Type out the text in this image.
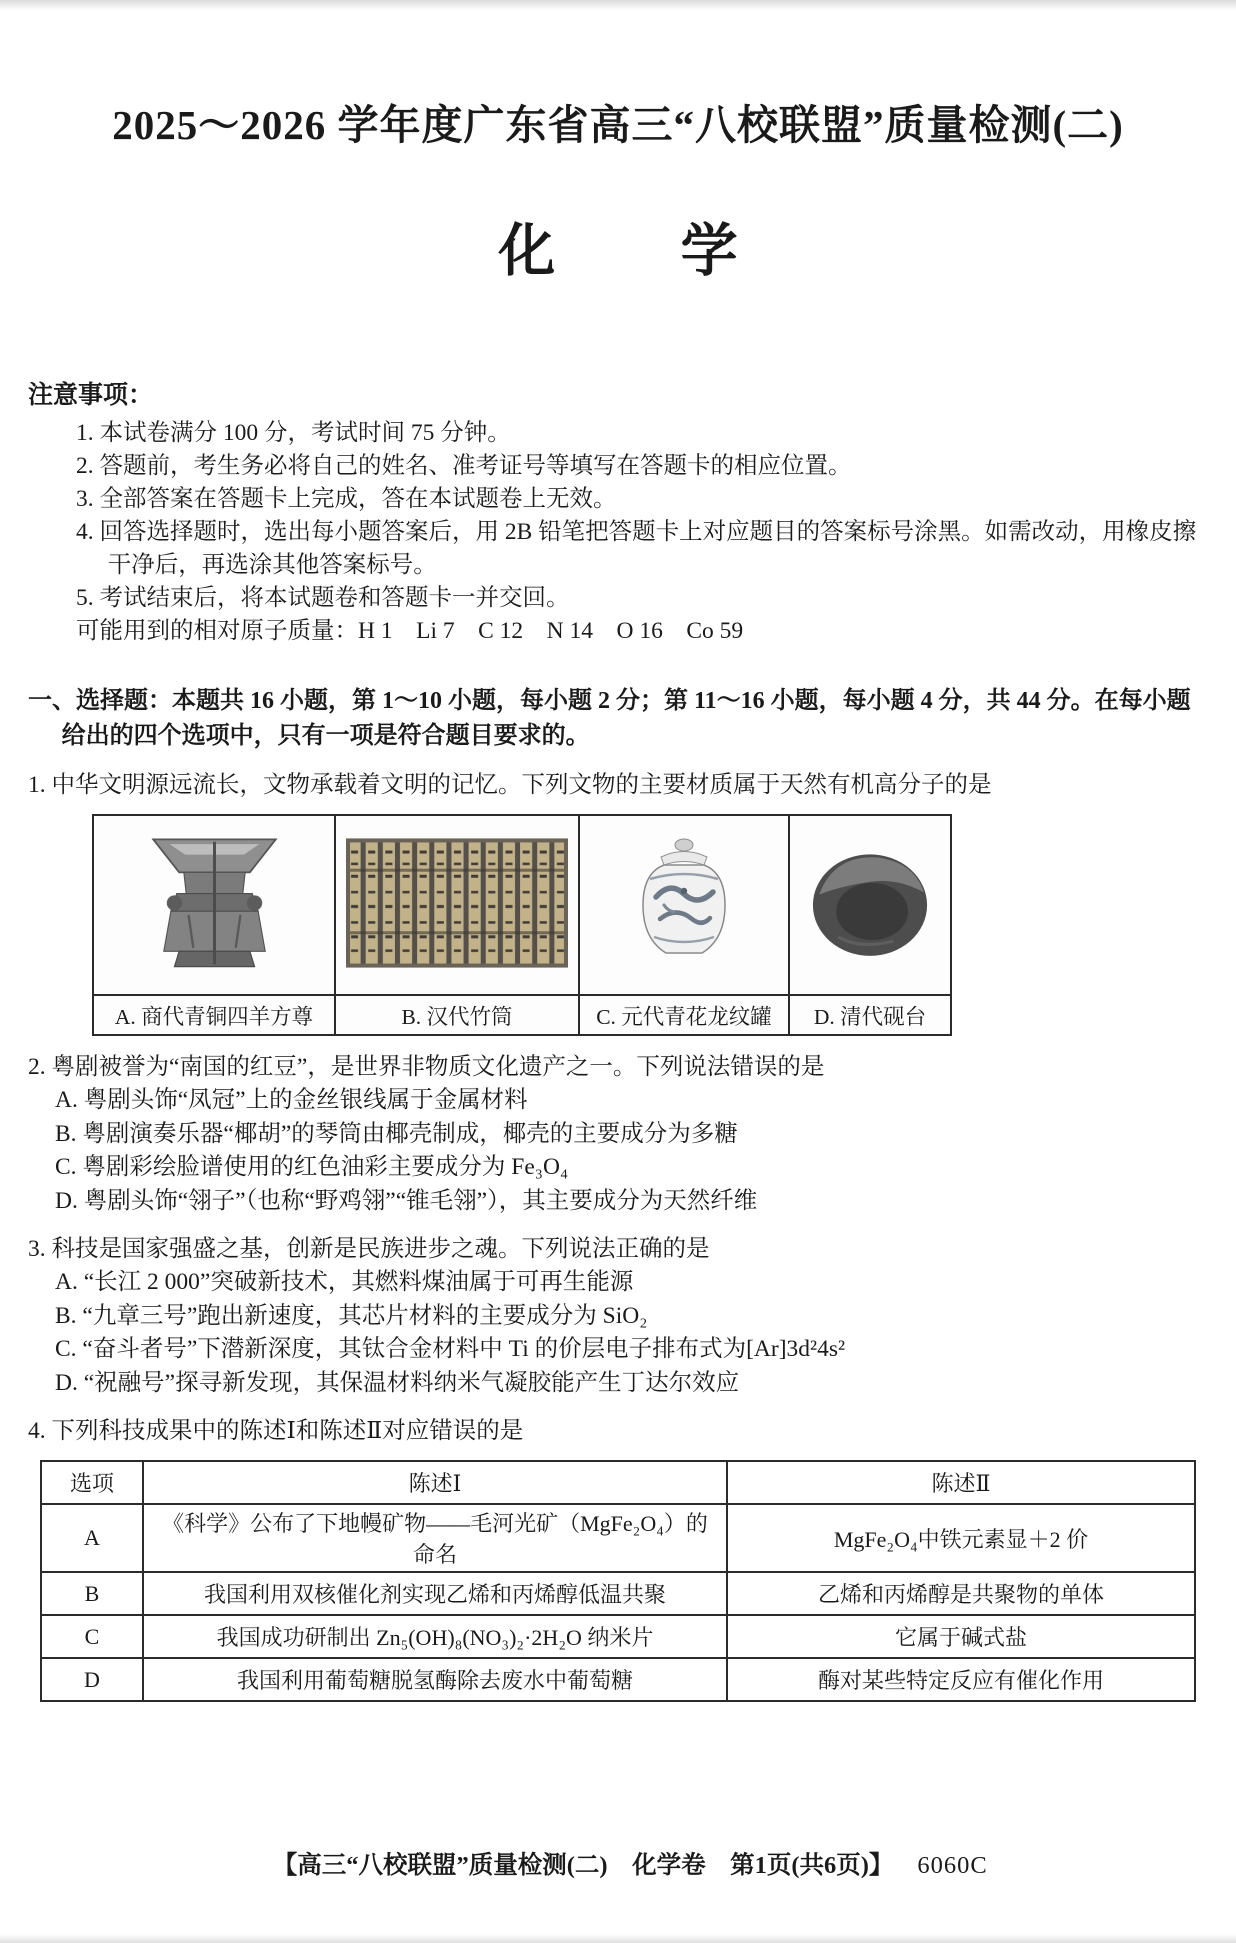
2025～2026 学年度广东省高三“八校联盟”质量检测(二)
化学
注意事项：
1. 本试卷满分 100 分，考试时间 75 分钟。
2. 答题前，考生务必将自己的姓名、准考证号等填写在答题卡的相应位置。
3. 全部答案在答题卡上完成，答在本试题卷上无效。
4. 回答选择题时，选出每小题答案后，用 2B 铅笔把答题卡上对应题目的答案标号涂黑。如需改动，用橡皮擦干净后，再选涂其他答案标号。
5. 考试结束后，将本试题卷和答题卡一并交回。
可能用到的相对原子质量：H 1　Li 7　C 12　N 14　O 16　Co 59
一、选择题：本题共 16 小题，第 1～10 小题，每小题 2 分；第 11～16 小题，每小题 4 分，共 44 分。在每小题给出的四个选项中，只有一项是符合题目要求的。
1. 中华文明源远流长，文物承载着文明的记忆。下列文物的主要材质属于天然有机高分子的是

A. 商代青铜四羊方尊	B. 汉代竹筒	C. 元代青花龙纹罐	D. 清代砚台
2. 粤剧被誉为“南国的红豆”，是世界非物质文化遗产之一。下列说法错误的是
A. 粤剧头饰“凤冠”上的金丝银线属于金属材料
B. 粤剧演奏乐器“椰胡”的琴筒由椰壳制成，椰壳的主要成分为多糖
C. 粤剧彩绘脸谱使用的红色油彩主要成分为 Fe₃O₄
D. 粤剧头饰“翎子”（也称“野鸡翎”“锥毛翎”），其主要成分为天然纤维
3. 科技是国家强盛之基，创新是民族进步之魂。下列说法正确的是
A. “长江 2 000”突破新技术，其燃料煤油属于可再生能源
B. “九章三号”跑出新速度，其芯片材料的主要成分为 SiO₂
C. “奋斗者号”下潜新深度，其钛合金材料中 Ti 的价层电子排布式为[Ar]3d²4s²
D. “祝融号”探寻新发现，其保温材料纳米气凝胶能产生丁达尔效应
4. 下列科技成果中的陈述Ⅰ和陈述Ⅱ对应错误的是
选项	陈述Ⅰ	陈述Ⅱ
A	《科学》公布了下地幔矿物——毛河光矿（MgFe₂O₄）的命名	MgFe₂O₄中铁元素显＋2 价
B	我国利用双核催化剂实现乙烯和丙烯醇低温共聚	乙烯和丙烯醇是共聚物的单体
C	我国成功研制出 Zn₅(OH)₈(NO₃)₂·2H₂O 纳米片	它属于碱式盐
D	我国利用葡萄糖脱氢酶除去废水中葡萄糖	酶对某些特定反应有催化作用

【高三“八校联盟”质量检测(二)　化学卷　第1页(共6页)】 6060C
